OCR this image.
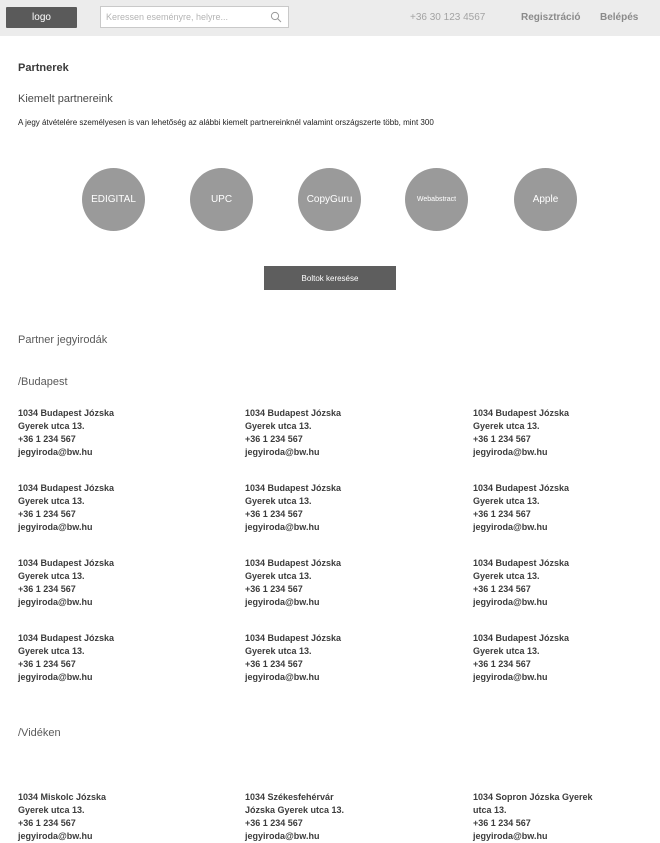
logo	Keressen eseményre, helyre...	+36 30 123 4567	Regisztráció Belépés
Partnerek
Kiemelt partnereink
A jegy átvételére személyesen is van lehetőség az alábbi kiemelt partnereinknél valamint országszerte több, mint 300
EDIGITAL	UPC	CopyGuru	Webabstract	Apple
Boltok keresése
Partner jegyirodák
/Budapest
1034 Budapest Józska
Gyerek utca 13.
+36 1 234 567
jegyiroda@bw.hu
1034 Budapest Józska
Gyerek utca 13.
+36 1 234 567
jegyiroda@bw.hu
1034 Budapest Józska
Gyerek utca 13.
+36 1 234 567
jegyiroda@bw.hu
1034 Budapest Józska
Gyerek utca 13.
+36 1 234 567
jegyiroda@bw.hu
1034 Budapest Józska
Gyerek utca 13.
+36 1 234 567
jegyiroda@bw.hu
1034 Budapest Józska
Gyerek utca 13.
+36 1 234 567
jegyiroda@bw.hu
1034 Budapest Józska
Gyerek utca 13.
+36 1 234 567
jegyiroda@bw.hu
1034 Budapest Józska
Gyerek utca 13.
+36 1 234 567
jegyiroda@bw.hu
1034 Budapest Józska
Gyerek utca 13.
+36 1 234 567
jegyiroda@bw.hu
1034 Budapest Józska
Gyerek utca 13.
+36 1 234 567
jegyiroda@bw.hu
1034 Budapest Józska
Gyerek utca 13.
+36 1 234 567
jegyiroda@bw.hu
1034 Budapest Józska
Gyerek utca 13.
+36 1 234 567
jegyiroda@bw.hu
/Vidéken
1034 Miskolc Józska
Gyerek utca 13.
+36 1 234 567
jegyiroda@bw.hu
1034 Székesfehérvár
Józska Gyerek utca 13.
+36 1 234 567
jegyiroda@bw.hu
1034 Sopron Józska Gyerek
utca 13.
+36 1 234 567
jegyiroda@bw.hu
